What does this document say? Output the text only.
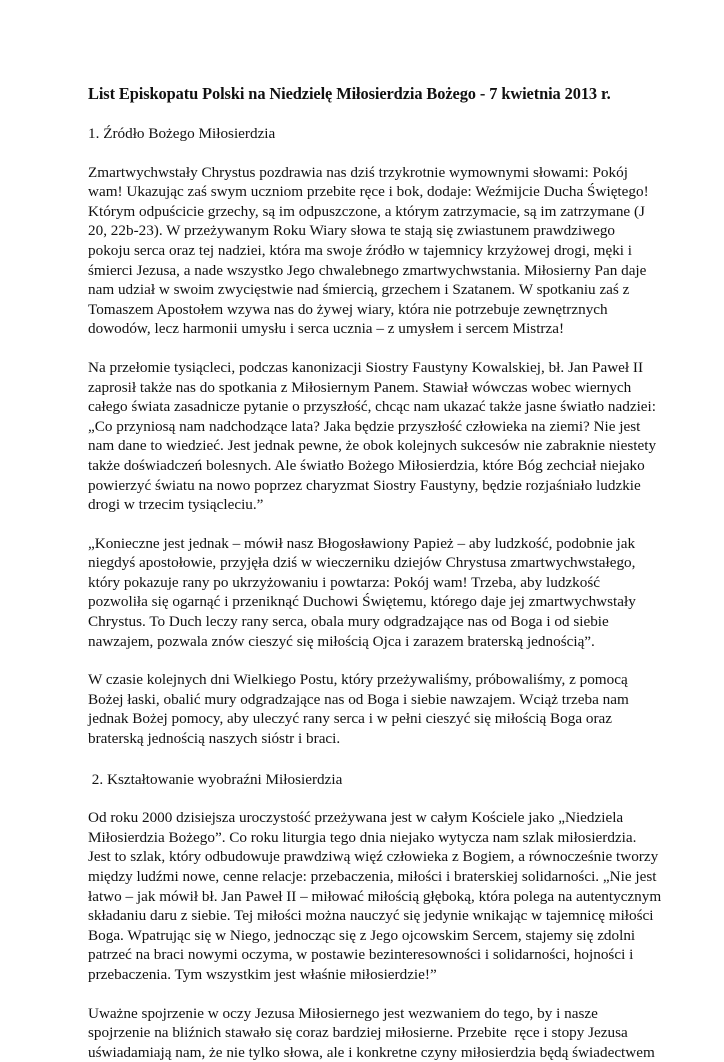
List Episkopatu Polski na Niedzielę Miłosierdzia Bożego - 7 kwietnia 2013 r.

1. Źródło Bożego Miłosierdzia

Zmartwychwstały Chrystus pozdrawia nas dziś trzykrotnie wymownymi słowami: Pokój
wam! Ukazując zaś swym uczniom przebite ręce i bok, dodaje: Weźmijcie Ducha Świętego!
Którym odpuścicie grzechy, są im odpuszczone, a którym zatrzymacie, są im zatrzymane (J
20, 22b-23). W przeżywanym Roku Wiary słowa te stają się zwiastunem prawdziwego
pokoju serca oraz tej nadziei, która ma swoje źródło w tajemnicy krzyżowej drogi, męki i
śmierci Jezusa, a nade wszystko Jego chwalebnego zmartwychwstania. Miłosierny Pan daje
nam udział w swoim zwycięstwie nad śmiercią, grzechem i Szatanem. W spotkaniu zaś z
Tomaszem Apostołem wzywa nas do żywej wiary, która nie potrzebuje zewnętrznych
dowodów, lecz harmonii umysłu i serca ucznia – z umysłem i sercem Mistrza!

Na przełomie tysiącleci, podczas kanonizacji Siostry Faustyny Kowalskiej, bł. Jan Paweł II
zaprosił także nas do spotkania z Miłosiernym Panem. Stawiał wówczas wobec wiernych
całego świata zasadnicze pytanie o przyszłość, chcąc nam ukazać także jasne światło nadziei:
„Co przyniosą nam nadchodzące lata? Jaka będzie przyszłość człowieka na ziemi? Nie jest
nam dane to wiedzieć. Jest jednak pewne, że obok kolejnych sukcesów nie zabraknie niestety
także doświadczeń bolesnych. Ale światło Bożego Miłosierdzia, które Bóg zechciał niejako
powierzyć światu na nowo poprzez charyzmat Siostry Faustyny, będzie rozjaśniało ludzkie
drogi w trzecim tysiącleciu.”

„Konieczne jest jednak – mówił nasz Błogosławiony Papież – aby ludzkość, podobnie jak
niegdyś apostołowie, przyjęła dziś w wieczerniku dziejów Chrystusa zmartwychwstałego,
który pokazuje rany po ukrzyżowaniu i powtarza: Pokój wam! Trzeba, aby ludzkość
pozwoliła się ogarnąć i przeniknąć Duchowi Świętemu, którego daje jej zmartwychwstały
Chrystus. To Duch leczy rany serca, obala mury odgradzające nas od Boga i od siebie
nawzajem, pozwala znów cieszyć się miłością Ojca i zarazem braterską jednością”.

W czasie kolejnych dni Wielkiego Postu, który przeżywaliśmy, próbowaliśmy, z pomocą
Bożej łaski, obalić mury odgradzające nas od Boga i siebie nawzajem. Wciąż trzeba nam
jednak Bożej pomocy, aby uleczyć rany serca i w pełni cieszyć się miłością Boga oraz
braterską jednością naszych sióstr i braci.

2. Kształtowanie wyobraźni Miłosierdzia

Od roku 2000 dzisiejsza uroczystość przeżywana jest w całym Kościele jako „Niedziela
Miłosierdzia Bożego”. Co roku liturgia tego dnia niejako wytycza nam szlak miłosierdzia.
Jest to szlak, który odbudowuje prawdziwą więź człowieka z Bogiem, a równocześnie tworzy
między ludźmi nowe, cenne relacje: przebaczenia, miłości i braterskiej solidarności. „Nie jest
łatwo – jak mówił bł. Jan Paweł II – miłować miłością głęboką, która polega na autentycznym
składaniu daru z siebie. Tej miłości można nauczyć się jedynie wnikając w tajemnicę miłości
Boga. Wpatrując się w Niego, jednocząc się z Jego ojcowskim Sercem, stajemy się zdolni
patrzeć na braci nowymi oczyma, w postawie bezinteresowności i solidarności, hojności i
przebaczenia. Tym wszystkim jest właśnie miłosierdzie!”

Uważne spojrzenie w oczy Jezusa Miłosiernego jest wezwaniem do tego, by i nasze
spojrzenie na bliźnich stawało się coraz bardziej miłosierne. Przebite  ręce i stopy Jezusa
uświadamiają nam, że nie tylko słowa, ale i konkretne czyny miłosierdzia będą świadectwem
